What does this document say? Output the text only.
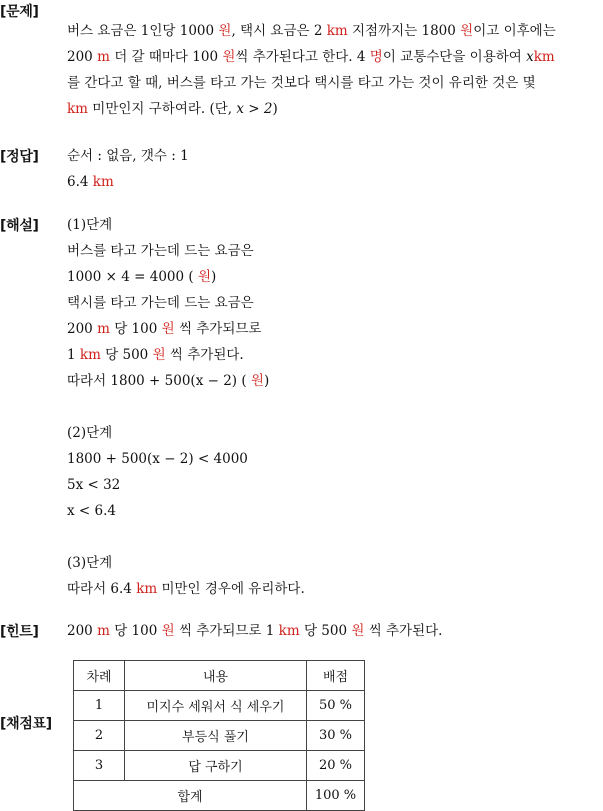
[문제]
버스 요금은 1인당 1000 원, 택시 요금은 2 km 지점까지는 1800 원이고 이후에는
200 m 더 갈 때마다 100 원씩 추가된다고 한다. 4 명이 교통수단을 이용하여 xkm
를 간다고 할 때, 버스를 타고 가는 것보다 택시를 타고 가는 것이 유리한 것은 몇
km 미만인지 구하여라. (단, x > 2)
[정답] 순서 : 없음, 갯수 : 1
6.4 km
[해설] (1)단계
버스를 타고 가는데 드는 요금은
1000 × 4 = 4000 ( 원)
택시를 타고 가는데 드는 요금은
200 m 당 100 원 씩 추가되므로
1 km 당 500 원 씩 추가된다.
따라서 1800 + 500(x − 2) ( 원)
(2)단계
1800 + 500(x − 2) < 4000
5x < 32
x < 6.4
(3)단계
따라서 6.4 km 미만인 경우에 유리하다.
[힌트] 200 m 당 100 원 씩 추가되므로 1 km 당 500 원 씩 추가된다.
[채점표]
차례	내용	배점
1	미지수 세워서 식 세우기	50 %
2	부등식 풀기	30 %
3	답 구하기	20 %
합계		100 %
